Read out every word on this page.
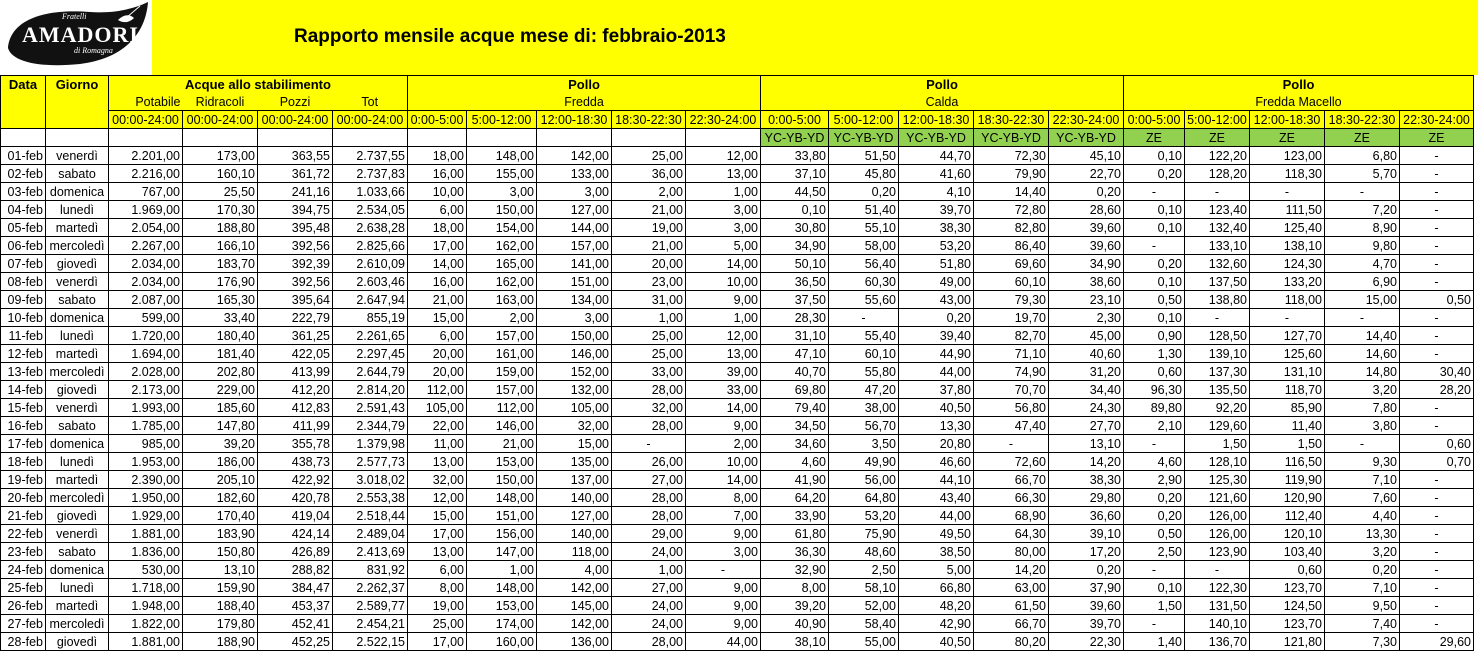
Fratelli
AMADORI
di Romagna
Rapporto mensile acque mese di: febbraio-2013
Data	Giorno	Acque allo stabilimento				Pollo					Pollo					Pollo				
		Potabile	Ridracoli	Pozzi	Tot	Fredda					Calda					Fredda Macello				
		00:00-24:00	00:00-24:00	00:00-24:00	00:00-24:00	0:00-5:00	5:00-12:00	12:00-18:30	18:30-22:30	22:30-24:00	0:00-5:00	5:00-12:00	12:00-18:30	18:30-22:30	22:30-24:00	0:00-5:00	5:00-12:00	12:00-18:30	18:30-22:30	22:30-24:00
											YC-YB-YD	YC-YB-YD	YC-YB-YD	YC-YB-YD	YC-YB-YD	ZE	ZE	ZE	ZE	ZE
01-feb	venerdì	2.201,00	173,00	363,55	2.737,55	18,00	148,00	142,00	25,00	12,00	33,80	51,50	44,70	72,30	45,10	0,10	122,20	123,00	6,80	-
02-feb	sabato	2.216,00	160,10	361,72	2.737,83	16,00	155,00	133,00	36,00	13,00	37,10	45,80	41,60	79,90	22,70	0,20	128,20	118,30	5,70	-
03-feb	domenica	767,00	25,50	241,16	1.033,66	10,00	3,00	3,00	2,00	1,00	44,50	0,20	4,10	14,40	0,20	-	-	-	-	-
04-feb	lunedì	1.969,00	170,30	394,75	2.534,05	6,00	150,00	127,00	21,00	3,00	0,10	51,40	39,70	72,80	28,60	0,10	123,40	111,50	7,20	-
05-feb	martedì	2.054,00	188,80	395,48	2.638,28	18,00	154,00	144,00	19,00	3,00	30,80	55,10	38,30	82,80	39,60	0,10	132,40	125,40	8,90	-
06-feb	mercoledì	2.267,00	166,10	392,56	2.825,66	17,00	162,00	157,00	21,00	5,00	34,90	58,00	53,20	86,40	39,60	-	133,10	138,10	9,80	-
07-feb	giovedì	2.034,00	183,70	392,39	2.610,09	14,00	165,00	141,00	20,00	14,00	50,10	56,40	51,80	69,60	34,90	0,20	132,60	124,30	4,70	-
08-feb	venerdì	2.034,00	176,90	392,56	2.603,46	16,00	162,00	151,00	23,00	10,00	36,50	60,30	49,00	60,10	38,60	0,10	137,50	133,20	6,90	-
09-feb	sabato	2.087,00	165,30	395,64	2.647,94	21,00	163,00	134,00	31,00	9,00	37,50	55,60	43,00	79,30	23,10	0,50	138,80	118,00	15,00	0,50
10-feb	domenica	599,00	33,40	222,79	855,19	15,00	2,00	3,00	1,00	1,00	28,30	-	0,20	19,70	2,30	0,10	-	-	-	-
11-feb	lunedì	1.720,00	180,40	361,25	2.261,65	6,00	157,00	150,00	25,00	12,00	31,10	55,40	39,40	82,70	45,00	0,90	128,50	127,70	14,40	-
12-feb	martedì	1.694,00	181,40	422,05	2.297,45	20,00	161,00	146,00	25,00	13,00	47,10	60,10	44,90	71,10	40,60	1,30	139,10	125,60	14,60	-
13-feb	mercoledì	2.028,00	202,80	413,99	2.644,79	20,00	159,00	152,00	33,00	39,00	40,70	55,80	44,00	74,90	31,20	0,60	137,30	131,10	14,80	30,40
14-feb	giovedì	2.173,00	229,00	412,20	2.814,20	112,00	157,00	132,00	28,00	33,00	69,80	47,20	37,80	70,70	34,40	96,30	135,50	118,70	3,20	28,20
15-feb	venerdì	1.993,00	185,60	412,83	2.591,43	105,00	112,00	105,00	32,00	14,00	79,40	38,00	40,50	56,80	24,30	89,80	92,20	85,90	7,80	-
16-feb	sabato	1.785,00	147,80	411,99	2.344,79	22,00	146,00	32,00	28,00	9,00	34,50	56,70	13,30	47,40	27,70	2,10	129,60	11,40	3,80	-
17-feb	domenica	985,00	39,20	355,78	1.379,98	11,00	21,00	15,00	-	2,00	34,60	3,50	20,80	-	13,10	-	1,50	1,50	-	0,60
18-feb	lunedì	1.953,00	186,00	438,73	2.577,73	13,00	153,00	135,00	26,00	10,00	4,60	49,90	46,60	72,60	14,20	4,60	128,10	116,50	9,30	0,70
19-feb	martedì	2.390,00	205,10	422,92	3.018,02	32,00	150,00	137,00	27,00	14,00	41,90	56,00	44,10	66,70	38,30	2,90	125,30	119,90	7,10	-
20-feb	mercoledì	1.950,00	182,60	420,78	2.553,38	12,00	148,00	140,00	28,00	8,00	64,20	64,80	43,40	66,30	29,80	0,20	121,60	120,90	7,60	-
21-feb	giovedì	1.929,00	170,40	419,04	2.518,44	15,00	151,00	127,00	28,00	7,00	33,90	53,20	44,00	68,90	36,60	0,20	126,00	112,40	4,40	-
22-feb	venerdì	1.881,00	183,90	424,14	2.489,04	17,00	156,00	140,00	29,00	9,00	61,80	75,90	49,50	64,30	39,10	0,50	126,00	120,10	13,30	-
23-feb	sabato	1.836,00	150,80	426,89	2.413,69	13,00	147,00	118,00	24,00	3,00	36,30	48,60	38,50	80,00	17,20	2,50	123,90	103,40	3,20	-
24-feb	domenica	530,00	13,10	288,82	831,92	6,00	1,00	4,00	1,00	-	32,90	2,50	5,00	14,20	0,20	-	-	0,60	0,20	-
25-feb	lunedì	1.718,00	159,90	384,47	2.262,37	8,00	148,00	142,00	27,00	9,00	8,00	58,10	66,80	63,00	37,90	0,10	122,30	123,70	7,10	-
26-feb	martedì	1.948,00	188,40	453,37	2.589,77	19,00	153,00	145,00	24,00	9,00	39,20	52,00	48,20	61,50	39,60	1,50	131,50	124,50	9,50	-
27-feb	mercoledì	1.822,00	179,80	452,41	2.454,21	25,00	174,00	142,00	24,00	9,00	40,90	58,40	42,90	66,70	39,70	-	140,10	123,70	7,40	-
28-feb	giovedì	1.881,00	188,90	452,25	2.522,15	17,00	160,00	136,00	28,00	44,00	38,10	55,00	40,50	80,20	22,30	1,40	136,70	121,80	7,30	29,60
